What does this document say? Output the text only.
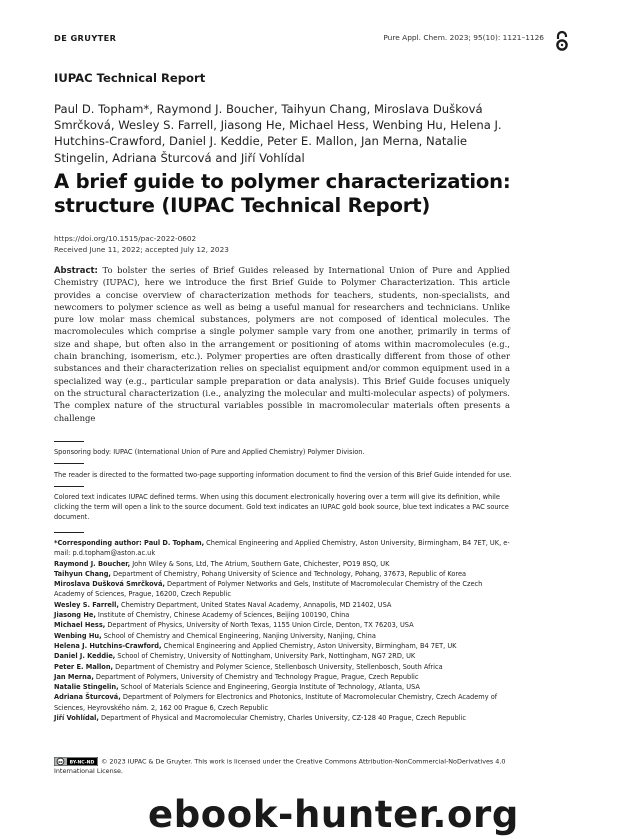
DE GRUYTER	Pure Appl. Chem. 2023; 95(10): 1121–1126
IUPAC Technical Report
Paul D. Topham*, Raymond J. Boucher, Taihyun Chang, Miroslava Dušková Smrčková, Wesley S. Farrell, Jiasong He, Michael Hess, Wenbing Hu, Helena J. Hutchins-Crawford, Daniel J. Keddie, Peter E. Mallon, Jan Merna, Natalie Stingelin, Adriana Šturcová and Jiří Vohlídal
A brief guide to polymer characterization: structure (IUPAC Technical Report)
https://doi.org/10.1515/pac-2022-0602
Received June 11, 2022; accepted July 12, 2023
Abstract: To bolster the series of Brief Guides released by International Union of Pure and Applied Chemistry (IUPAC), here we introduce the first Brief Guide to Polymer Characterization. This article provides a concise overview of characterization methods for teachers, students, non-specialists, and newcomers to polymer science as well as being a useful manual for researchers and technicians. Unlike pure low molar mass chemical substances, polymers are not composed of identical molecules. The macromolecules which comprise a single polymer sample vary from one another, primarily in terms of size and shape, but often also in the arrangement or positioning of atoms within macromolecules (e.g., chain branching, isomerism, etc.). Polymer properties are often drastically different from those of other substances and their characterization relies on specialist equipment and/or common equipment used in a specialized way (e.g., particular sample preparation or data analysis). This Brief Guide focuses uniquely on the structural characterization (i.e., analyzing the molecular and multi-molecular aspects) of polymers. The complex nature of the structural variables possible in macromolecular materials often presents a challenge
Sponsoring body: IUPAC (International Union of Pure and Applied Chemistry) Polymer Division.
The reader is directed to the formatted two-page supporting information document to find the version of this Brief Guide intended for use.
Colored text indicates IUPAC defined terms. When using this document electronically hovering over a term will give its definition, while clicking the term will open a link to the source document. Gold text indicates an IUPAC gold book source, blue text indicates a PAC source document.

*Corresponding author: Paul D. Topham, Chemical Engineering and Applied Chemistry, Aston University, Birmingham, B4 7ET, UK, e-mail: p.d.topham@aston.ac.uk

Raymond J. Boucher, John Wiley & Sons, Ltd, The Atrium, Southern Gate, Chichester, PO19 8SQ, UK

Taihyun Chang, Department of Chemistry, Pohang University of Science and Technology, Pohang, 37673, Republic of Korea

Miroslava Dušková Smrčková, Department of Polymer Networks and Gels, Institute of Macromolecular Chemistry of the Czech Academy of Sciences, Prague, 16200, Czech Republic

Wesley S. Farrell, Chemistry Department, United States Naval Academy, Annapolis, MD 21402, USA

Jiasong He, Institute of Chemistry, Chinese Academy of Sciences, Beijing 100190, China

Michael Hess, Department of Physics, University of North Texas, 1155 Union Circle, Denton, TX 76203, USA

Wenbing Hu, School of Chemistry and Chemical Engineering, Nanjing University, Nanjing, China

Helena J. Hutchins-Crawford, Chemical Engineering and Applied Chemistry, Aston University, Birmingham, B4 7ET, UK

Daniel J. Keddie, School of Chemistry, University of Nottingham, University Park, Nottingham, NG7 2RD, UK

Peter E. Mallon, Department of Chemistry and Polymer Science, Stellenbosch University, Stellenbosch, South Africa

Jan Merna, Department of Polymers, University of Chemistry and Technology Prague, Prague, Czech Republic

Natalie Stingelin, School of Materials Science and Engineering, Georgia Institute of Technology, Atlanta, USA

Adriana Šturcová, Department of Polymers for Electronics and Photonics, Institute of Macromolecular Chemistry, Czech Academy of Sciences, Heyrovského nám. 2, 162 00 Prague 6, Czech Republic

Jiří Vohlídal, Department of Physical and Macromolecular Chemistry, Charles University, CZ-128 40 Prague, Czech Republic

cc BY-NC-ND © 2023 IUPAC & De Gruyter. This work is licensed under the Creative Commons Attribution-NonCommercial-NoDerivatives 4.0 International License.
ebook-hunter.org
